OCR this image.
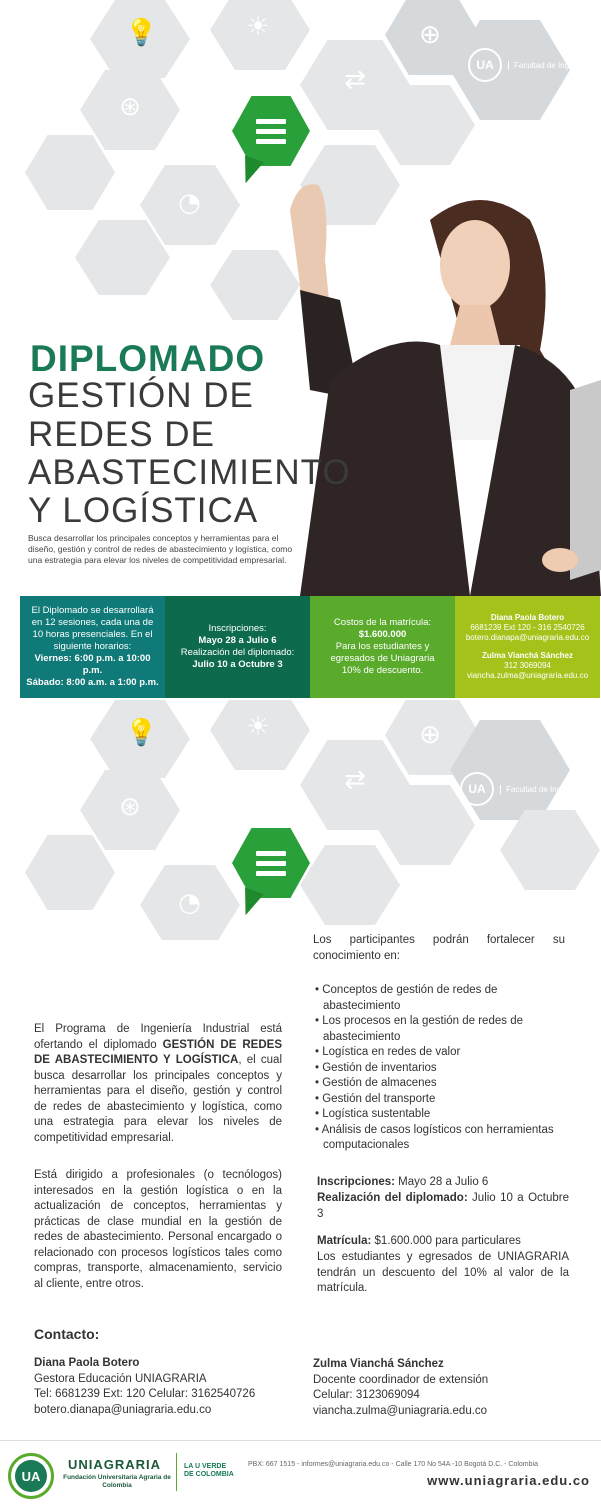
💡	☀	⊕
⇄
⊛
◔
UA	Facultad de Ingeniería
DIPLOMADO
GESTIÓN DE
REDES DE
ABASTECIMIENTO
Y LOGÍSTICA
Busca desarrollar los principales conceptos y herramientas para el diseño, gestión y control de redes de abastecimiento y logística, como una estrategia para elevar los niveles de competitividad empresarial.
El Diplomado se desarrollará en 12 sesiones, cada una de 10 horas presenciales. En el siguiente horarios:
Viernes: 6:00 p.m. a 10:00 p.m.
Sábado: 8:00 a.m. a 1:00 p.m.
Inscripciones:
Mayo 28 a Julio 6
Realización del diplomado:
Julio 10 a Octubre 3
Costos de la matrícula:
$1.600.000
Para los estudiantes y egresados de Uniagraria 10% de descuento.
Diana Paola Botero
6681239 Ext 120 - 316 2540726
botero.dianapa@uniagraria.edu.co
Zulma Vianchá Sánchez
312 3069094
viancha.zulma@uniagraria.edu.co
💡	☀	⊕
⇄
⊛
◔
UA	Facultad de Ingeniería
El Programa de Ingeniería Industrial está ofertando el diplomado GESTIÓN DE REDES DE ABASTECIMIENTO Y LOGÍSTICA, el cual busca desarrollar los principales conceptos y herramientas para el diseño, gestión y control de redes de abastecimiento y logística, como una estrategia para elevar los niveles de competitividad empresarial.
Está dirigido a profesionales (o tecnólogos) interesados en la gestión logística o en la actualización de conceptos, herramientas y prácticas de clase mundial en la gestión de redes de abastecimiento. Personal encargado o relacionado con procesos logísticos tales como compras, transporte, almacenamiento, servicio al cliente, entre otros.
Los participantes podrán fortalecer su conocimiento en:
• Conceptos de gestión de redes de abastecimiento
• Los procesos en la gestión de redes de abastecimiento
• Logística en redes de valor
• Gestión de inventarios
• Gestión de almacenes
• Gestión del transporte
• Logística sustentable
• Análisis de casos logísticos con herramientas computacionales
Inscripciones: Mayo 28 a Julio 6
Realización del diplomado: Julio 10 a Octubre 3
Matrícula: $1.600.000 para particulares
Los estudiantes y egresados de UNIAGRARIA tendrán un descuento del 10% al valor de la matrícula.
Contacto:
Diana Paola Botero
Gestora Educación UNIAGRARIA
Tel: 6681239 Ext: 120 Celular: 3162540726
botero.dianapa@uniagraria.edu.co
Zulma Vianchá Sánchez
Docente coordinador de extensión
Celular: 3123069094
viancha.zulma@uniagraria.edu.co
UA
UNIAGRARIA
Fundación Universitaria Agraria de Colombia
LA U VERDE
DE COLOMBIA
PBX: 667 1515 - informes@uniagraria.edu.co - Calle 170 No 54A -10 Bogotá D.C. - Colombia
www.uniagraria.edu.co
